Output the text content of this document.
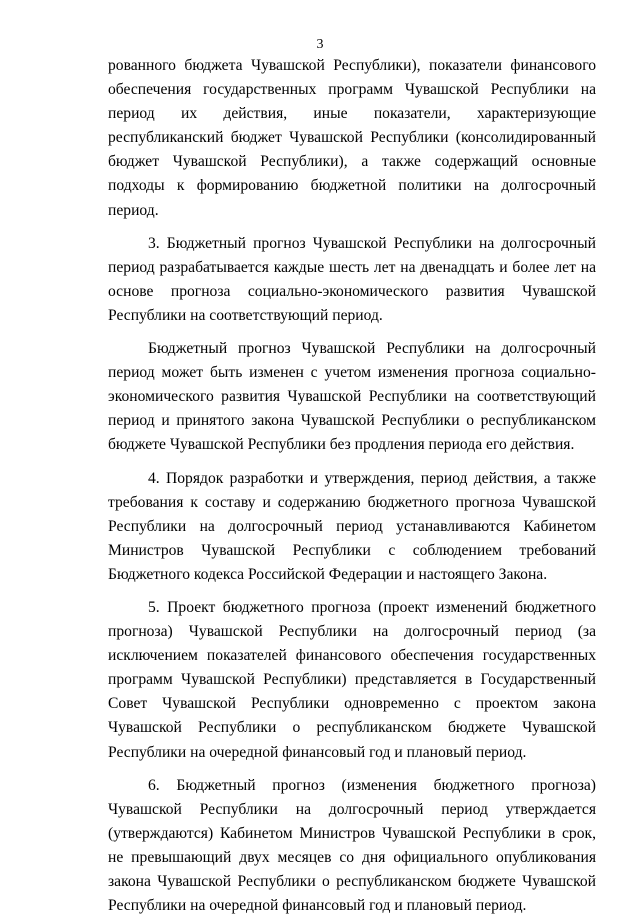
3

рованного бюджета Чувашской Республики), показатели финансового обеспечения государственных программ Чувашской Республики на период их действия, иные показатели, характеризующие республиканский бюджет Чувашской Республики (консолидированный бюджет Чувашской Республики), а также содержащий основные подходы к формированию бюджетной политики на долгосрочный период.

3. Бюджетный прогноз Чувашской Республики на долгосрочный период разрабатывается каждые шесть лет на двенадцать и более лет на основе прогноза социально-экономического развития Чувашской Республики на соответствующий период.

Бюджетный прогноз Чувашской Республики на долгосрочный период может быть изменен с учетом изменения прогноза социально-экономического развития Чувашской Республики на соответствующий период и принятого закона Чувашской Республики о республиканском бюджете Чувашской Республики без продления периода его действия.

4. Порядок разработки и утверждения, период действия, а также требования к составу и содержанию бюджетного прогноза Чувашской Республики на долгосрочный период устанавливаются Кабинетом Министров Чувашской Республики с соблюдением требований Бюджетного кодекса Российской Федерации и настоящего Закона.

5. Проект бюджетного прогноза (проект изменений бюджетного прогноза) Чувашской Республики на долгосрочный период (за исключением показателей финансового обеспечения государственных программ Чувашской Республики) представляется в Государственный Совет Чувашской Республики одновременно с проектом закона Чувашской Республики о республиканском бюджете Чувашской Республики на очередной финансовый год и плановый период.

6. Бюджетный прогноз (изменения бюджетного прогноза) Чувашской Республики на долгосрочный период утверждается (утверждаются) Кабинетом Министров Чувашской Республики в срок, не превышающий двух месяцев со дня официального опубликования закона Чувашской Республики о республиканском бюджете Чувашской Республики на очередной финансовый год и плановый период.
